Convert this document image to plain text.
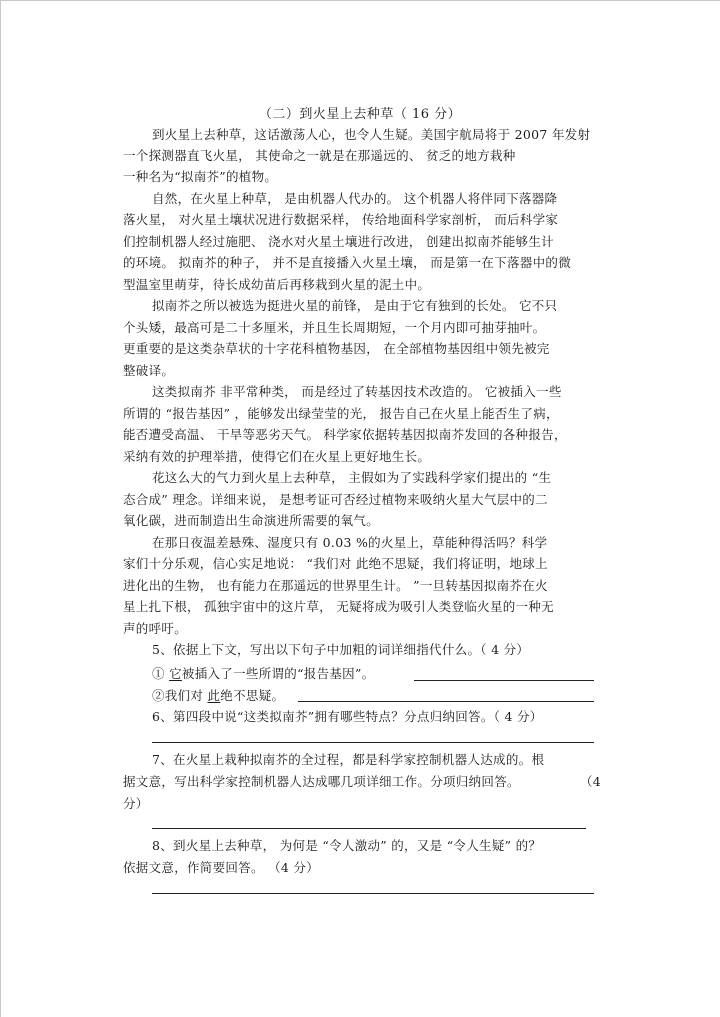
（二）到火星上去种草（ 16 分）
到火星上去种草，这话激荡人心，也令人生疑。美国宇航局将于 2007 年发射
一个探测器直飞火星， 其使命之一就是在那遥远的、 贫乏的地方栽种
一种名为“拟南芥”的植物。
自然，在火星上种草， 是由机器人代办的。 这个机器人将伴同下落器降
落火星， 对火星土壤状况进行数据采样， 传给地面科学家剖析， 而后科学家
们控制机器人经过施肥、 浇水对火星土壤进行改进， 创建出拟南芥能够生计
的环境。 拟南芥的种子， 并不是直接播入火星土壤， 而是第一在下落器中的微
型温室里萌芽，待长成幼苗后再移栽到火星的泥土中。
拟南芥之所以被选为挺进火星的前锋， 是由于它有独到的长处。 它不只
个头矮，最高可是二十多厘米，并且生长周期短，一个月内即可抽芽抽叶。
更重要的是这类杂草状的十字花科植物基因， 在全部植物基因组中领先被完
整破译。
这类拟南芥 非平常种类， 而是经过了转基因技术改造的。 它被插入一些
所谓的 “报告基因” ，能够发出绿莹莹的光， 报告自己在火星上能否生了病，
能否遭受高温、 干旱等恶劣天气。 科学家依据转基因拟南芥发回的各种报告，
采纳有效的护理举措，使得它们在火星上更好地生长。
花这么大的气力到火星上去种草， 主假如为了实践科学家们提出的 “生
态合成” 理念。详细来说， 是想考证可否经过植物来吸纳火星大气层中的二
氧化碳，进而制造出生命演进所需要的氧气。
在那日夜温差悬殊、湿度只有 0.03 %的火星上，草能种得活吗？科学
家们十分乐观，信心实足地说： “我们对 此绝不思疑，我们将证明，地球上
进化出的生物， 也有能力在那遥远的世界里生计。 ”一旦转基因拟南芥在火
星上扎下根， 孤独宇宙中的这片草， 无疑将成为吸引人类登临火星的一种无
声的呼吁。
5、依据上下文，写出以下句子中加粗的词详细指代什么。（ 4 分）
① 它被插入了一些所谓的“报告基因”。
②我们对 此绝不思疑。
6、第四段中说“这类拟南芥”拥有哪些特点？分点归纳回答。（ 4 分）
7、在火星上栽种拟南芥的全过程，都是科学家控制机器人达成的。根
据文意，写出科学家控制机器人达成哪几项详细工作。分项归纳回答。	（4
分）
8、到火星上去种草， 为何是 “令人激动” 的，又是 “令人生疑” 的？
依据文意，作简要回答。 （4 分）
